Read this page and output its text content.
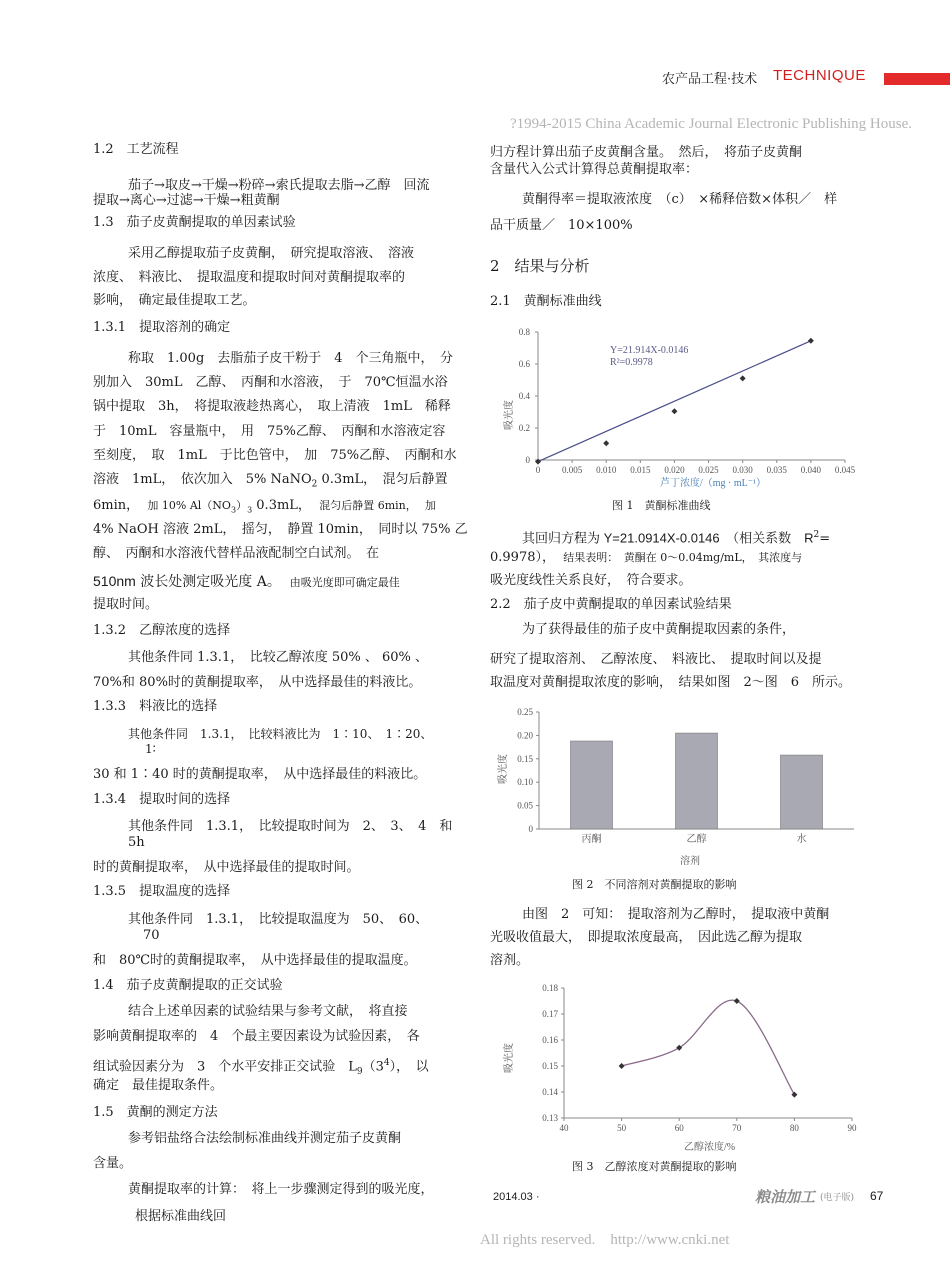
农产品工程·技术 TECHNIQUE
?1994-2015 China Academic Journal Electronic Publishing House.
1.2　工艺流程
茄子→取皮→干燥→粉碎→索氏提取去脂→乙醇　回流
提取→离心→过滤→干燥→粗黄酮
1.3　茄子皮黄酮提取的单因素试验
采用乙醇提取茄子皮黄酮，　研究提取溶液、　溶液
浓度、　料液比、　提取温度和提取时间对黄酮提取率的
影响，　确定最佳提取工艺。
1.3.1　提取溶剂的确定
称取　1.00g　去脂茄子皮干粉于　4　个三角瓶中，　分
别加入　30mL　乙醇、　丙酮和水溶液，　于　70℃恒温水浴
锅中提取　3h，　将提取液趁热离心，　取上清液　1mL　稀释
于　10mL　容量瓶中，　用　75%乙醇、　丙酮和水溶液定容
至刻度，　取　1mL　于比色管中，　加　75%乙醇、　丙酮和水
溶液　1mL，　依次加入　5% NaNO$_2$ 0.3mL，　混匀后静置
6min， 加 10% $Al(NO_3)_3$ 0.3mL， 混匀后静置 6min， 加
4% NaOH 溶液 2mL，　摇匀，　静置 10min，　同时以 75% 乙
醇、　丙酮和水溶液代替样品液配制空白试剂。　在
510nm 波长处测定吸光度 A。 由吸光度即可确定最佳
提取时间。
1.3.2　乙醇浓度的选择
其他条件同 1.3.1，　比较乙醇浓度 50% 、 60% 、
70%和 80%时的黄酮提取率，　从中选择最佳的料液比。
1.3.3　料液比的选择
其他条件同　1.3.1，　比较料液比为　1∶10、　1∶20、
1∶
30 和 1∶40 时的黄酮提取率，　从中选择最佳的料液比。
1.3.4　提取时间的选择
其他条件同　1.3.1，　比较提取时间为　2、　3、　4　和
5h
时的黄酮提取率，　从中选择最佳的提取时间。
1.3.5　提取温度的选择
其他条件同　1.3.1，　比较提取温度为　50、　60、
70
和　80℃时的黄酮提取率，　从中选择最佳的提取温度。
1.4　茄子皮黄酮提取的正交试验
结合上述单因素的试验结果与参考文献，　将直接
影响黄酮提取率的　4　个最主要因素设为试验因素，　各
组试验因素分为　3　个水平安排正交试验　$L_9(3^4)$，　以
确定　最佳提取条件。
1.5　黄酮的测定方法
参考铝盐络合法绘制标准曲线并测定茄子皮黄酮
含量。
黄酮提取率的计算：　将上一步骤测定得到的吸光度，
根据标准曲线回
归方程计算出茄子皮黄酮含量。　然后，　将茄子皮黄酮
含量代入公式计算得总黄酮提取率：
黄酮得率＝提取液浓度　（c）　×稀释倍数×体积／　样
品干质量／　10×100%
2　结果与分析
2.1　黄酮标准曲线
0
0.2
0.4
0.6
0.8
0 0.005 0.010 0.015 0.020 0.025 0.030 0.035 0.040 0.045
Y=21.914X-0.0146
R²=0.9978
芦丁浓度/（mg · mL⁻¹）
吸光度
图 1　黄酮标准曲线
其回归方程为 Y=21.0914X-0.0146　（相关系数　$R^2=$
0.9978）， 结果表明：　黄酮在 0～0.04mg/mL，　其浓度与
吸光度线性关系良好，　符合要求。
2.2　茄子皮中黄酮提取的单因素试验结果
为了获得最佳的茄子皮中黄酮提取因素的条件，
研究了提取溶剂、　乙醇浓度、　料液比、　提取时间以及提
取温度对黄酮提取浓度的影响，　结果如图　2～图　6　所示。
0
0.05
0.10
0.15
0.20
0.25
丙酮	乙醇	水
溶剂
吸光度
图 2　不同溶剂对黄酮提取的影响
由图　2　可知：　提取溶剂为乙醇时，　提取液中黄酮
光吸收值最大，　即提取浓度最高，　因此选乙醇为提取
溶剂。
0.13
0.14
0.15
0.16
0.17
0.18
40	50	60	70	80	90
乙醇浓度/%
吸光度
图 3　乙醇浓度对黄酮提取的影响
2014.03 ·	粮油加工 (电子版) 67
All rights reserved.　http://www.cnki.net
